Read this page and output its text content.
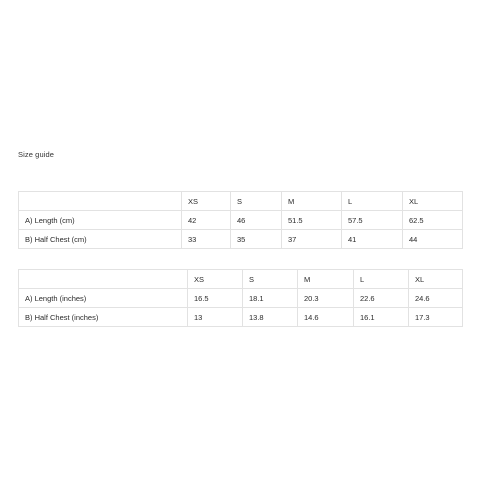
Size guide
	XS	S	M	L	XL
A) Length (cm)	42	46	51.5	57.5	62.5
B) Half Chest (cm)	33	35	37	41	44
	XS	S	M	L	XL
A) Length (inches)	16.5	18.1	20.3	22.6	24.6
B) Half Chest (inches)	13	13.8	14.6	16.1	17.3
